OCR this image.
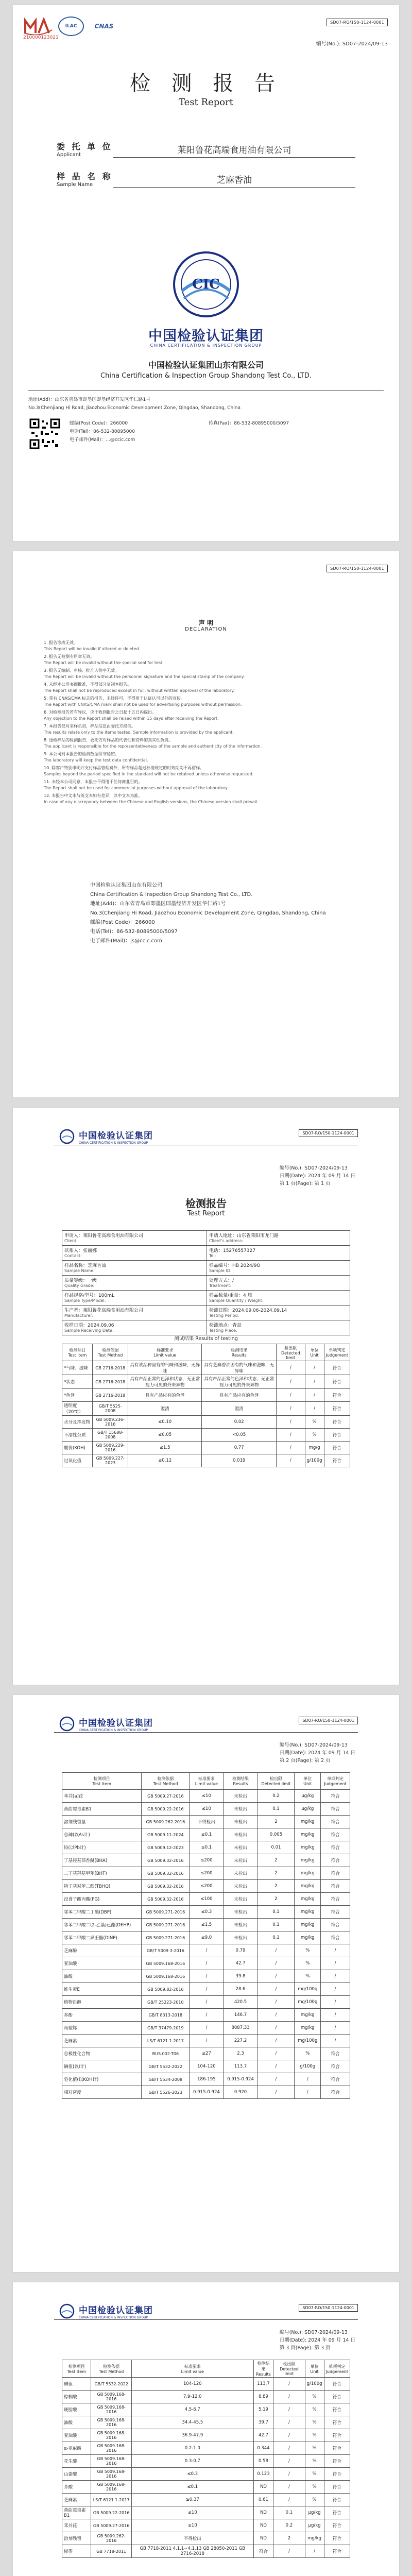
210000123021
ILAC	CNAS
SD07-RO/150-1124-0001
编号(No.): SD07-2024/09-13
检 测 报 告
Test Report
委 托 单 位
Applicant	莱阳鲁花高端食用油有限公司
样 品 名 称
Sample Name	芝麻香油
CIC
中国检验认证集团
CHINA CERTIFICATION & INSPECTION GROUP
中国检验认证集团山东有限公司
China Certification & Inspection Group Shandong Test Co., LTD.
地址(Add)：山东省青岛市即墨区即墨经济开发区华仁路1号
No.3(Chenjiang Hi Road, Jiaozhou Economic Development Zone, Qingdao, Shandong, China
邮编(Post Code)：266000
电话(Tel)：86-532-80895000
电子邮件(Mail)：...@ccic.com
传真(Fax)：86-532-80895000/5097
SD07-RO/150-1124-0001
声 明
DECLARATION

1. 报告涂改无效。
This Report will be invalid if altered or deleted.

2. 报告无检测专用章无效。
The Report will be invalid without the special seal for test.

3. 报告无编制、审核、批准人签字无效。
The Report will be invalid without the personnel signature and the special stamp of the company.

4. 未经本公司书面批准，不得部分复制本报告。
The Report shall not be reproduced except in full, without written approval of the laboratory.

5. 带有 CNAS/CMA 标志的报告，未经许可，不得用于认证认可以外的宣传。
The Report with CNAS/CMA mark shall not be used for advertising purposes without permission.

6. 对检测报告若有异议，应于收到报告之日起十五日内提出。
Any objection to the Report shall be raised within 15 days after receiving the Report.

7. 本报告仅对来样负责，样品信息由委托方提供。
The results relate only to the items tested. Sample information is provided by the applicant.

8. 送检样品的检测报告，委托方对样品的代表性和资料的真实性负责。
The applicant is responsible for the representativeness of the sample and authenticity of the information.

9. 本公司对本报告的检测数据保守秘密。
The laboratory will keep the test data confidential.

10. 除客户特别申明并支付样品管理费外，所有样品超过标准规定的时效期均不再留样。
Samples beyond the period specified in the standard will not be retained unless otherwise requested.

11. 未经本公司同意，本报告不得用于任何商业目的。
The Report shall not be used for commercial purposes without approval of the laboratory.

12. 本报告中文本与英文本如有差异，以中文本为准。
In case of any discrepancy between the Chinese and English versions, the Chinese version shall prevail.

中国检验认证集团山东有限公司
China Certification & Inspection Group Shandong Test Co., LTD.
地址(Add)：山东省青岛市即墨区即墨经济开发区华仁路1号
No.3(Chenjiang Hi Road, Jiaozhou Economic Development Zone, Qingdao, Shandong, China
邮编(Post Code)：266000
电话(Tel)：86-532-80895000/5097
电子邮件(Mail)：js@ccic.com
中国检验认证集团
CHINA CERTIFICATION & INSPECTION GROUP
SD07-RO/150-1124-0001
编号(No.): SD07-2024/09-13
日期(Date): 2024 年 09 月 14 日
第 1 页(Page): 第 1 页
检测报告
Test Report
申请人：莱阳鲁花高端食用油有限公司
Client:	申请人地址：山东省莱阳市龙门路
Client's address:

联系人：张丽娜
Contact:	电话：15276557327
Tel:

样品名称：芝麻香油
Sample Name:	样品编号：HB 2024/9O
Sample ID:

质量等级：一级
Quality Grade:	处理方式：/
Treatment:

样品规格/型号：100mL
Sample Type/Model:	样品数量/重量：4 瓶
Sample Quantity / Weight:

生产者：莱阳鲁花高端食用油有限公司
Manufacturer:	检测日期：2024.09.06-2024.09.14
Testing Period:

收样日期：2024.09.06
Sample Receiving Date:	检测地点：青岛
Testing Place:
测试结果 Results of testing
检测项目
Test item	检测依据
Test Method	标准要求
Limit value	检测结果
Results	检出限
Detected limit	单位
Unit	单项判定
Judgement
*气味、滋味	GB 2716-2018	具有该品种固有的气味和滋味，无异味	具有芝麻香油固有的气味和滋味，无异味	/	/	符合
*状态	GB 2716-2018	具有产品正常的色泽和状态，无正常视力可见的外来异物	具有产品正常的色泽和状态，无正常视力可见的外来异物	/	/	符合
*色泽	GB 2716-2018	具有产品应有的色泽	具有产品应有的色泽	/	/	符合
透明度（20℃）	GB/T 5525-2008	澄清	澄清	/	/	符合
水分及挥发物	GB 5009.236-2016	≤0.10	0.02	/	%	符合
不溶性杂质	GB/T 15688-2008	≤0.05	<0.05	/	%	符合
酸价(KOH)	GB 5009.229-2016	≤1.5	0.77	/	mg/g	符合
过氧化值	GB 5009.227-2023	≤0.12	0.019	/	g/100g	符合
中国检验认证集团
CHINA CERTIFICATION & INSPECTION GROUP
SD07-RO/150-1124-0001
编号(No.): SD07-2024/09-13
日期(Date): 2024 年 09 月 14 日
第 2 页(Page): 第 2 页
检测项目
Test item	检测依据
Test Method	标准要求
Limit value	检测结果
Results	检出限
Detected limit	单位
Unit	单项判定
Judgement
苯并[a]芘	GB 5009.27-2016	≤10	未检出	0.2	μg/kg	符合
黄曲霉毒素B1	GB 5009.22-2016	≤10	未检出	0.1	μg/kg	符合
溶剂残留量	GB 5009.262-2016	不得检出	未检出	2	mg/kg	符合
总砷(以As计)	GB 5009.11-2024	≤0.1	未检出	0.005	mg/kg	符合
铅(以Pb计)	GB 5009.12-2023	≤0.1	未检出	0.01	mg/kg	符合
丁基羟基茴香醚(BHA)	GB 5009.32-2016	≤200	未检出	2	mg/kg	符合
二丁基羟基甲苯(BHT)	GB 5009.32-2016	≤200	未检出	2	mg/kg	符合
特丁基对苯二酚(TBHQ)	GB 5009.32-2016	≤200	未检出	2	mg/kg	符合
没食子酸丙酯(PG)	GB 5009.32-2016	≤100	未检出	2	mg/kg	符合
邻苯二甲酸二丁酯(DBP)	GB 5009.271-2016	≤0.3	未检出	0.1	mg/kg	符合
邻苯二甲酸二(2-乙基)己酯(DEHP)	GB 5009.271-2016	≤1.5	未检出	0.1	mg/kg	符合
邻苯二甲酸二异壬酯(DINP)	GB 5009.271-2016	≤9.0	未检出	0.1	mg/kg	符合
芝麻酚	GB/T 5009.3-2016	/	0.79	/	%	/
亚油酸	GB 5009.168-2016	/	42.7	/	%	/
油酸	GB 5009.168-2016	/	39.8	/	%	/
维生素E	GB 5009.82-2016	/	28.6	/	mg/100g	/
植物甾醇	GB/T 25223-2010	/	420.5	/	mg/100g	/
多酚	GB/T 8313-2018	/	146.7	/	mg/kg	/
角鲨烯	GB/T 37479-2019	/	8087.33	/	mg/kg	/
芝麻素	LS/T 6121.1-2017	/	227.2	/	mg/100g	/
总极性化合物	BUS.002-T06	≤27	2.3	/	%	符合
碘值(以I计)	GB/T 5532-2022	104-120	113.7	/	g/100g	符合
皂化值(以KOH计)	GB/T 5534-2008	186-195	0.915-0.924	/	/	符合
相对密度	GB/T 5526-2023	0.915-0.924	0.920	/	/	符合
中国检验认证集团
CHINA CERTIFICATION & INSPECTION GROUP
SD07-RO/150-1124-0001
编号(No.): SD07-2024/09-13
日期(Date): 2024 年 09 月 14 日
第 3 页(Page): 第 3 页
检测项目
Test item	检测依据
Test Method	标准要求
Limit value	检测结果
Results	检出限
Detected limit	单位
Unit	单项判定
Judgement
碘值	GB/T 5532-2022	104-120	113.7	/	g/100g	符合
棕榈酸	GB 5009.168-2016	7.9-12.0	8.89	/	%	符合
硬脂酸	GB 5009.168-2016	4.5-6.7	5.19	/	%	符合
油酸	GB 5009.168-2016	34.4-45.5	39.7	/	%	符合
亚油酸	GB 5009.168-2016	36.9-47.9	42.7	/	%	符合
α-亚麻酸	GB 5009.168-2016	0.2-1.0	0.344	/	%	符合
花生酸	GB 5009.168-2016	0.3-0.7	0.58	/	%	符合
山嵛酸	GB 5009.168-2016	≤0.3	0.123	/	%	符合
芥酸	GB 5009.168-2016	≤0.1	ND	/	%	符合
芝麻素	LS/T 6121.1-2017	≥0.37	0.61	/	%	符合
黄曲霉毒素B1	GB 5009.22-2016	≤10	ND	0.1	μg/kg	符合
苯并芘	GB 5009.27-2016	≤10	ND	0.2	μg/kg	符合
溶剂残留	GB 5009.262-2016	不得检出	ND	2	mg/kg	符合
标签	GB 7718-2011	GB 7718-2011 4.1.1~4.1.13 GB 28050-2011 GB 2716-2018	符合	/	/	符合
